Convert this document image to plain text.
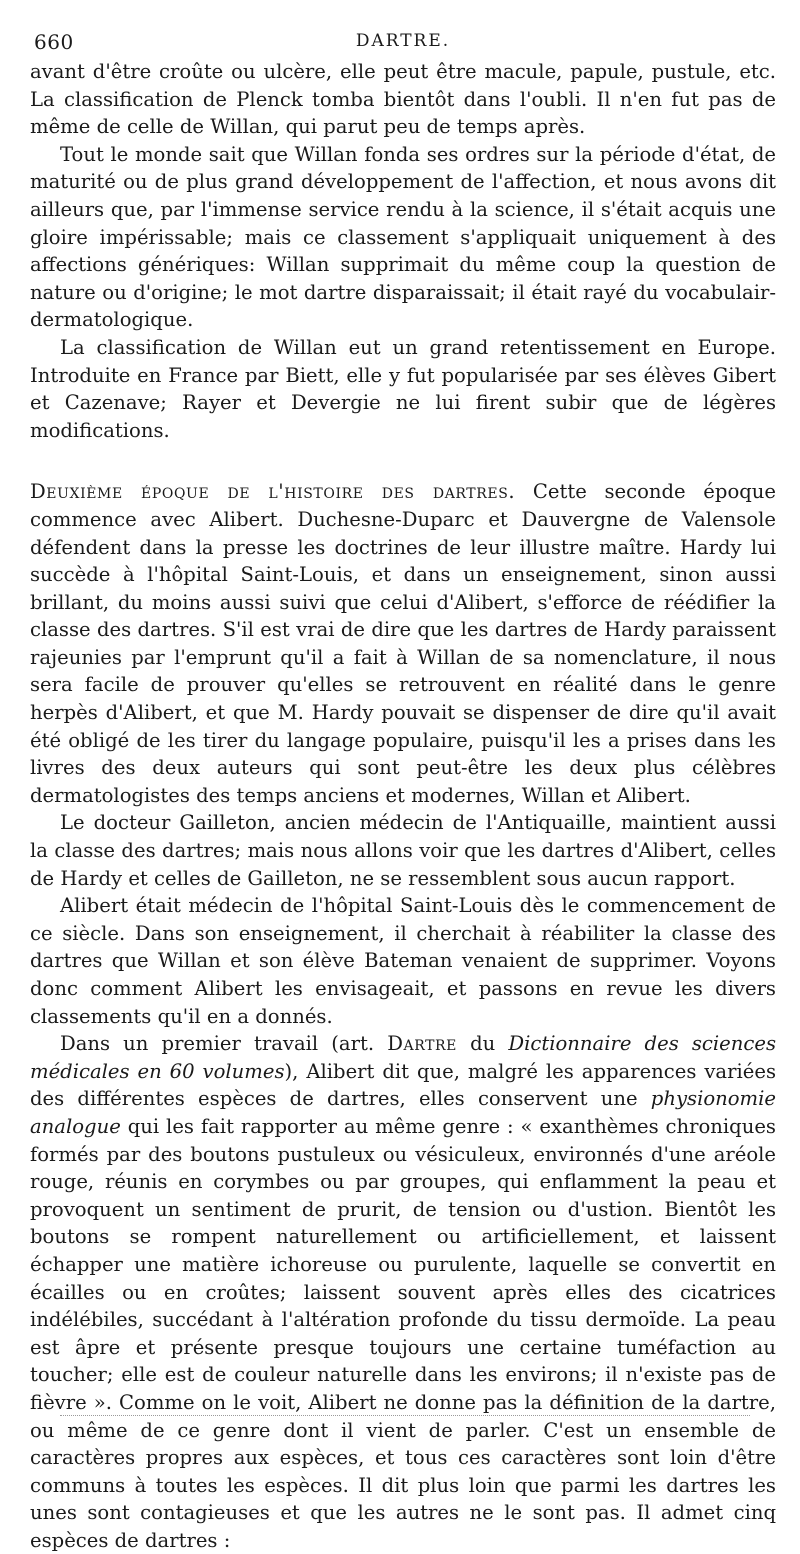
660	DARTRE.

avant d'être croûte ou ulcère, elle peut être macule, papule, pustule, etc. La classification de Plenck tomba bientôt dans l'oubli. Il n'en fut pas de même de celle de Willan, qui parut peu de temps après.

Tout le monde sait que Willan fonda ses ordres sur la période d'état, de maturité ou de plus grand développement de l'affection, et nous avons dit ailleurs que, par l'immense service rendu à la science, il s'était acquis une gloire impérissable; mais ce classement s'appliquait uniquement à des affections génériques: Willan supprimait du même coup la question de nature ou d'origine; le mot dartre disparaissait; il était rayé du vocabulair- dermatologique.

La classification de Willan eut un grand retentissement en Europe. Introduite en France par Biett, elle y fut popularisée par ses élèves Gibert et Cazenave; Rayer et Devergie ne lui firent subir que de légères modifications.

Deuxième époque de l'histoire des dartres. Cette seconde époque commence avec Alibert. Duchesne-Duparc et Dauvergne de Valensole défendent dans la presse les doctrines de leur illustre maître. Hardy lui succède à l'hôpital Saint-Louis, et dans un enseignement, sinon aussi brillant, du moins aussi suivi que celui d'Alibert, s'efforce de réédifier la classe des dartres. S'il est vrai de dire que les dartres de Hardy paraissent rajeunies par l'emprunt qu'il a fait à Willan de sa nomenclature, il nous sera facile de prouver qu'elles se retrouvent en réalité dans le genre herpès d'Alibert, et que M. Hardy pouvait se dispenser de dire qu'il avait été obligé de les tirer du langage populaire, puisqu'il les a prises dans les livres des deux auteurs qui sont peut-être les deux plus célèbres dermatologistes des temps anciens et modernes, Willan et Alibert.

Le docteur Gailleton, ancien médecin de l'Antiquaille, maintient aussi la classe des dartres; mais nous allons voir que les dartres d'Alibert, celles de Hardy et celles de Gailleton, ne se ressemblent sous aucun rapport.

Alibert était médecin de l'hôpital Saint-Louis dès le commencement de ce siècle. Dans son enseignement, il cherchait à réabiliter la classe des dartres que Willan et son élève Bateman venaient de supprimer. Voyons donc comment Alibert les envisageait, et passons en revue les divers classements qu'il en a donnés.

Dans un premier travail (art. Dartre du Dictionnaire des sciences médicales en 60 volumes), Alibert dit que, malgré les apparences variées des différentes espèces de dartres, elles conservent une physionomie analogue qui les fait rapporter au même genre : « exanthèmes chroniques formés par des boutons pustuleux ou vésiculeux, environnés d'une aréole rouge, réunis en corymbes ou par groupes, qui enflamment la peau et provoquent un sentiment de prurit, de tension ou d'ustion. Bientôt les boutons se rompent naturellement ou artificiellement, et laissent échapper une matière ichoreuse ou purulente, laquelle se convertit en écailles ou en croûtes; laissent souvent après elles des cicatrices indélébiles, succédant à l'altération profonde du tissu dermoïde. La peau est âpre et présente presque toujours une certaine tuméfaction au toucher; elle est de couleur naturelle dans les environs; il n'existe pas de fièvre ». Comme on le voit, Alibert ne donne pas la définition de la dartre, ou même de ce genre dont il vient de parler. C'est un ensemble de caractères propres aux espèces, et tous ces caractères sont loin d'être communs à toutes les espèces. Il dit plus loin que parmi les dartres les unes sont contagieuses et que les autres ne le sont pas. Il admet cinq espèces de dartres :
